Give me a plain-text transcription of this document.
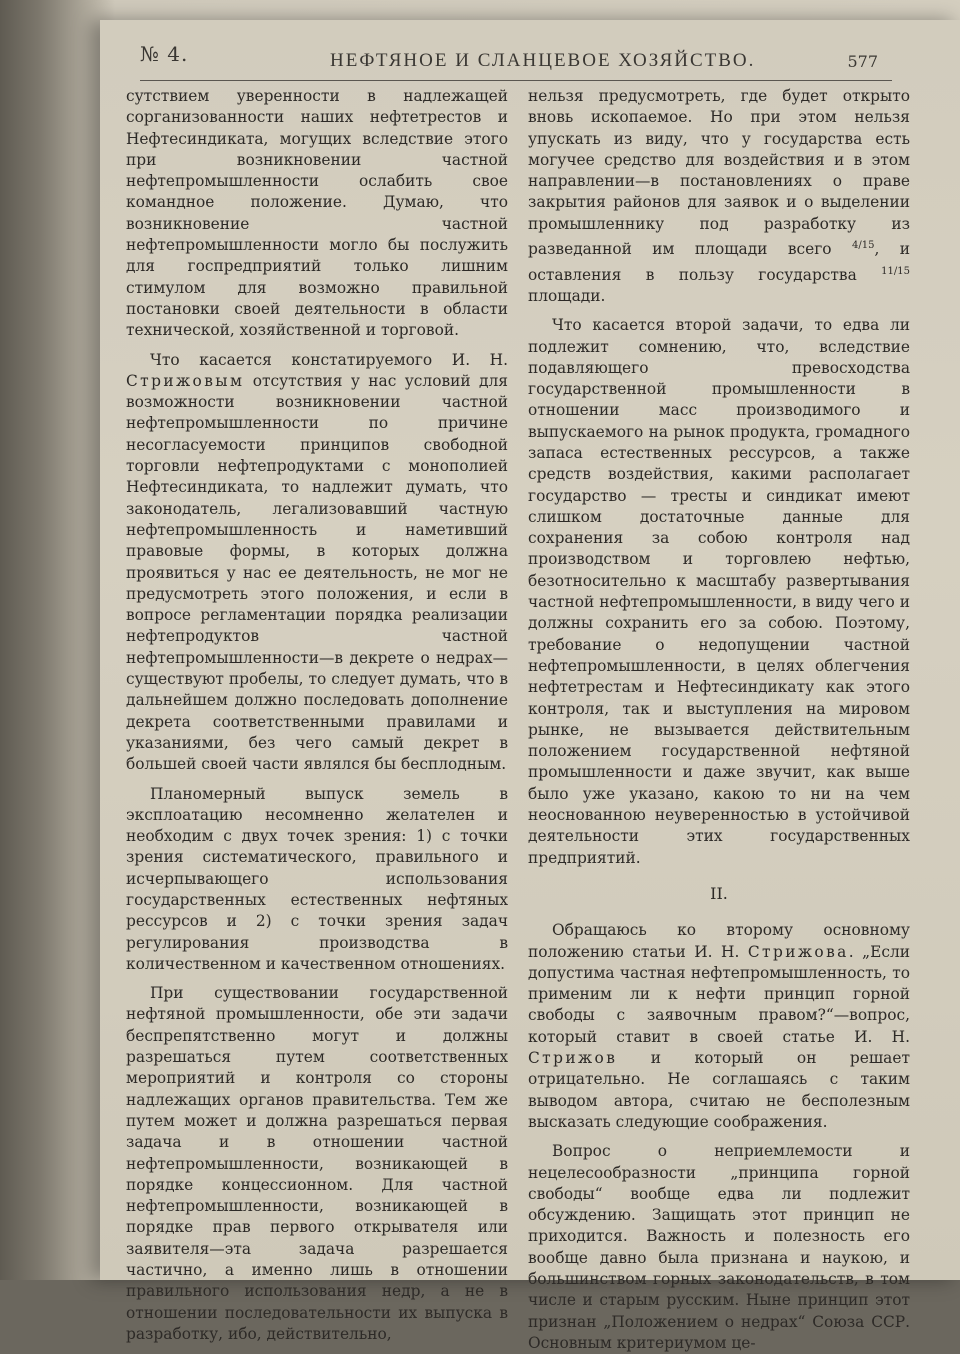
№ 4.	НЕФТЯНОЕ И СЛАНЦЕВОЕ ХОЗЯЙСТВО.	577

сутствием уверенности в надлежащей сорганизованности наших нефтетрестов и Нефтесиндиката, могущих вследствие этого при возникновении частной нефтепромышленности ослабить свое командное положение. Думаю, что возникновение частной нефтепромышленности могло бы послужить для госпредприятий только лишним стимулом для возможно правильной постановки своей деятельности в области технической, хозяйственной и торговой.

Что касается констатируемого И. Н. Стрижовым отсутствия у нас условий для возможности возникновении частной нефтепромышленности по причине несогласуемости принципов свободной торговли нефтепродуктами с монополией Нефтесиндиката, то надлежит думать, что законодатель, легализовавший частную нефтепромышленность и наметивший правовые формы, в которых должна проявиться у нас ее деятельность, не мог не предусмотреть этого положения, и если в вопросе регламентации порядка реализации нефтепродуктов частной нефтепромышленности—в декрете о недрах—существуют пробелы, то следует думать, что в дальнейшем должно последовать дополнение декрета соответственными правилами и указаниями, без чего самый декрет в большей своей части являлся бы бесплодным.

Планомерный выпуск земель в эксплоатацию несомненно желателен и необходим с двух точек зрения: 1) с точки зрения систематического, правильного и исчерпывающего использования государственных естественных нефтяных рессурсов и 2) с точки зрения задач регулирования производства в количественном и качественном отношениях.

При существовании государственной нефтяной промышленности, обе эти задачи беспрепятственно могут и должны разрешаться путем соответственных мероприятий и контроля со стороны надлежащих органов правительства. Тем же путем может и должна разрешаться первая задача и в отношении частной нефтепромышленности, возникающей в порядке концессионном. Для частной нефтепромышленности, возникающей в порядке прав первого открывателя или заявителя—эта задача разрешается частично, а именно лишь в отношении правильного использования недр, а не в отношении последовательности их выпуска в разработку, ибо, действительно,

нельзя предусмотреть, где будет открыто вновь ископаемое. Но при этом нельзя упускать из виду, что у государства есть могучее средство для воздействия и в этом направлении—в постановлениях о праве закрытия районов для заявок и о выделении промышленнику под разработку из разведанной им площади всего $^{4/15}$, и оставления в пользу государства $^{11/15}$ площади.

Что касается второй задачи, то едва ли подлежит сомнению, что, вследствие подавляющего превосходства государственной промышленности в отношении масс производимого и выпускаемого на рынок продукта, громадного запаса естественных рессурсов, а также средств воздействия, какими располагает государство — тресты и синдикат имеют слишком достаточные данные для сохранения за собою контроля над производством и торговлею нефтью, безотносительно к масштабу развертывания частной нефтепромышленности, в виду чего и должны сохранить его за собою. Поэтому, требование о недопущении частной нефтепромышленности, в целях облегчения нефтетрестам и Нефтесиндикату как этого контроля, так и выступления на мировом рынке, не вызывается действительным положением государственной нефтяной промышленности и даже звучит, как выше было уже указано, какою то ни на чем неоснованною неуверенностью в устойчивой деятельности этих государственных предприятий.

II.

Обращаюсь ко второму основному положению статьи И. Н. Стрижова. „Если допустима частная нефтепромышленность, то применим ли к нефти принцип горной свободы с заявочным правом?“—вопрос, который ставит в своей статье И. Н. Стрижов и который он решает отрицательно. Не соглашаясь с таким выводом автора, считаю не бесполезным высказать следующие соображения.

Вопрос о неприемлемости и нецелесообразности „принципа горной свободы“ вообще едва ли подлежит обсуждению. Защищать этот принцип не приходится. Важность и полезность его вообще давно была признана и наукою, и большинством горных законодательств, в том числе и старым русским. Ныне принцип этот признан „Положением о недрах“ Союза ССР. Основным критериумом це-
